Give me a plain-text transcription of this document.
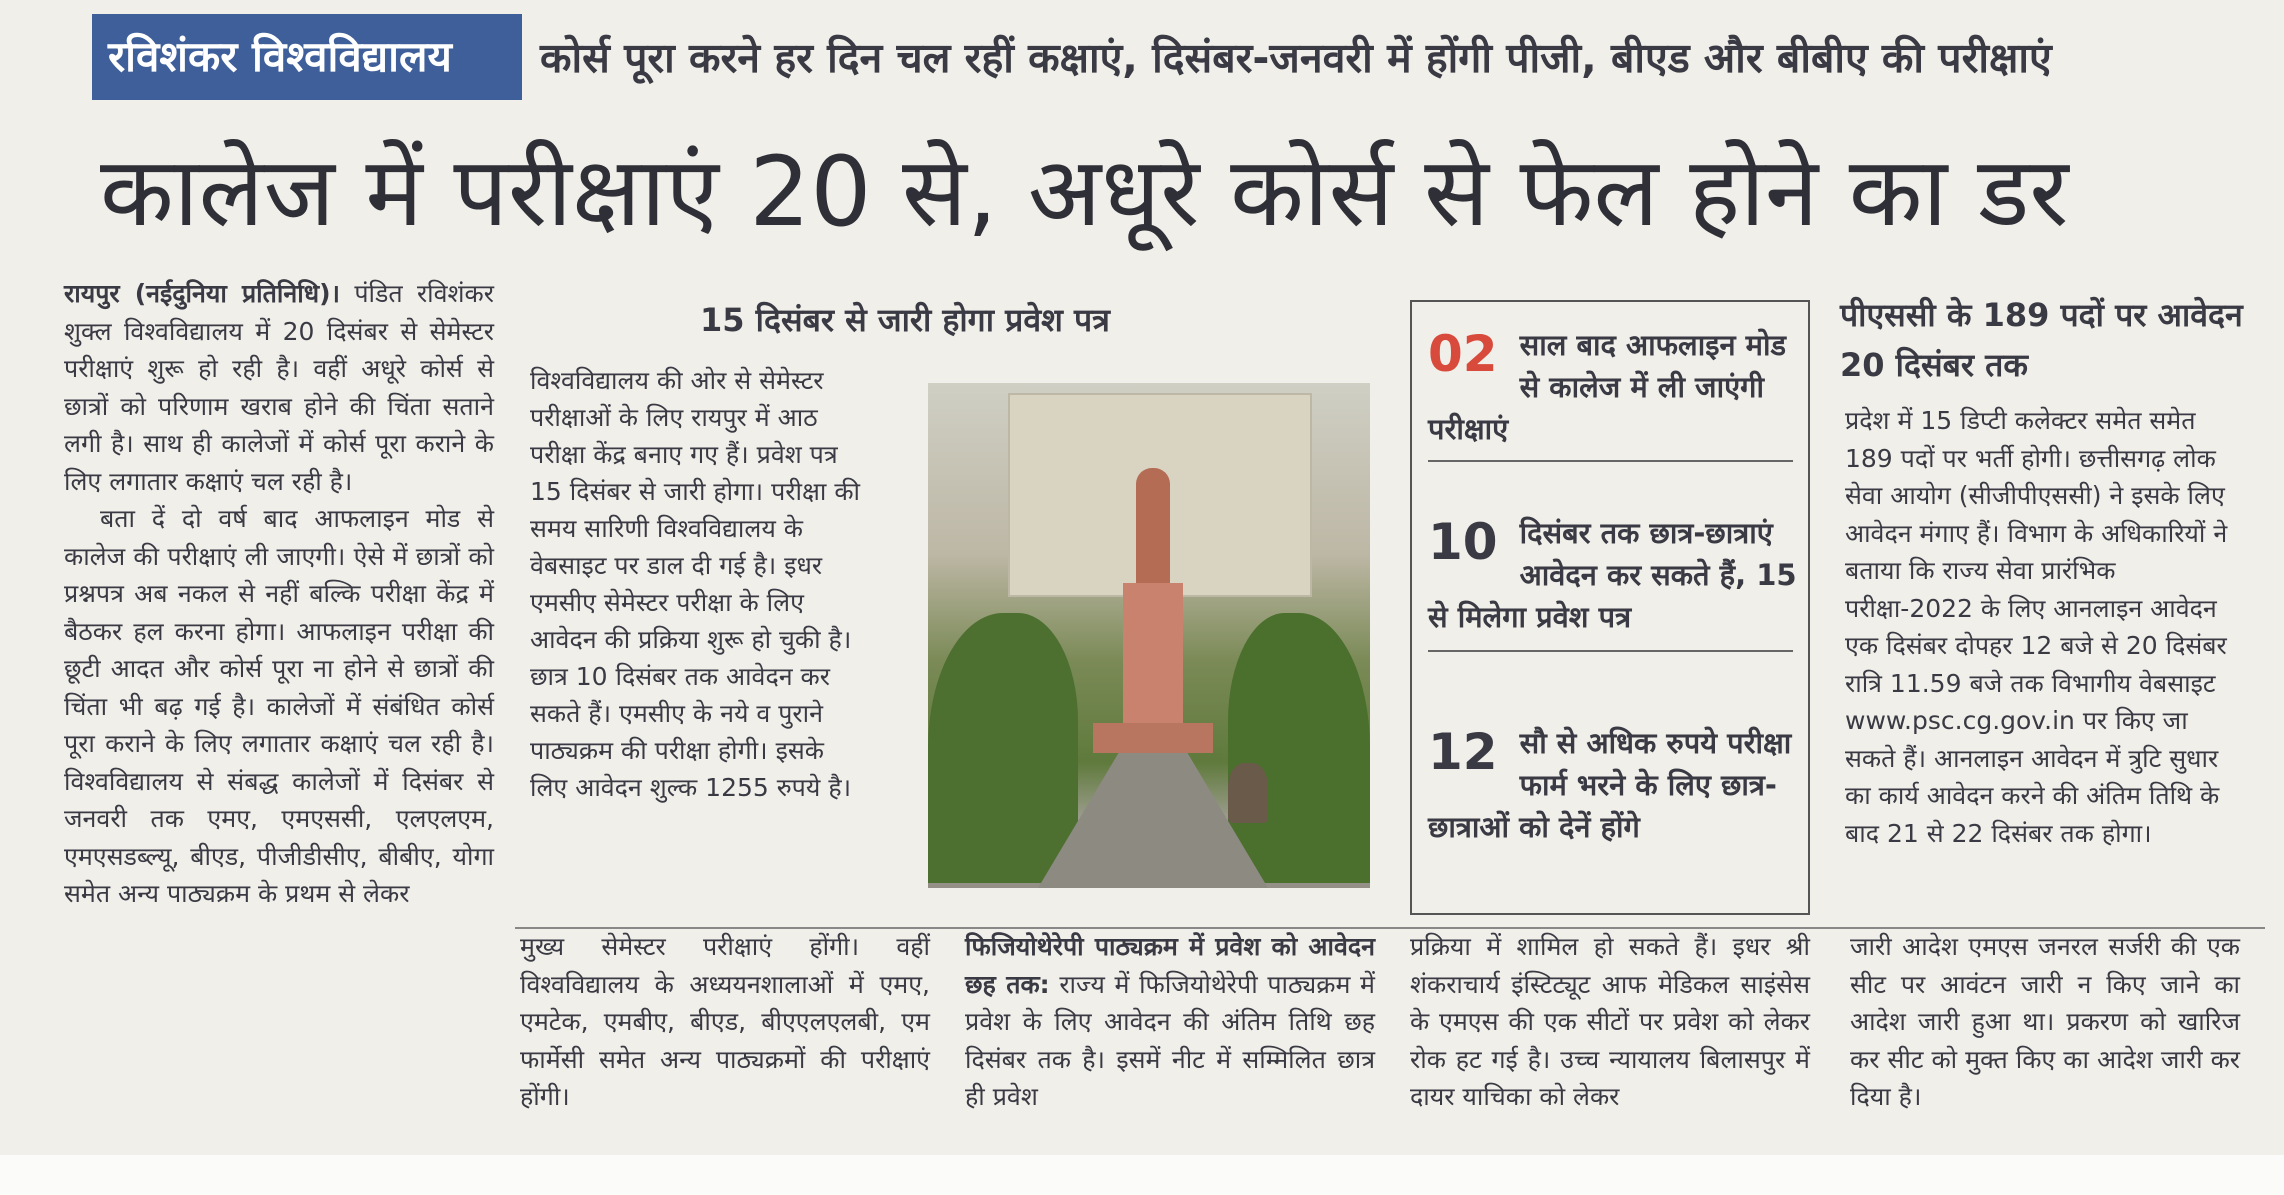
रविशंकर विश्वविद्यालय	कोर्स पूरा करने हर दिन चल रहीं कक्षाएं, दिसंबर-जनवरी में होंगी पीजी, बीएड और बीबीए की परीक्षाएं
कालेज में परीक्षाएं 20 से, अधूरे कोर्स से फेल होने का डर

रायपुर (नईदुनिया प्रतिनिधि)। पंडित रविशंकर शुक्ल विश्वविद्यालय में 20 दिसंबर से सेमेस्टर परीक्षाएं शुरू हो रही है। वहीं अधूरे कोर्स से छात्रों को परिणाम खराब होने की चिंता सताने लगी है। साथ ही कालेजों में कोर्स पूरा कराने के लिए लगातार कक्षाएं चल रही है।

बता दें दो वर्ष बाद आफलाइन मोड से कालेज की परीक्षाएं ली जाएगी। ऐसे में छात्रों को प्रश्नपत्र अब नकल से नहीं बल्कि परीक्षा केंद्र में बैठकर हल करना होगा। आफलाइन परीक्षा की छूटी आदत और कोर्स पूरा ना होने से छात्रों की चिंता भी बढ़ गई है। कालेजों में संबंधित कोर्स पूरा कराने के लिए लगातार कक्षाएं चल रही है। विश्वविद्यालय से संबद्ध कालेजों में दिसंबर से जनवरी तक एमए, एमएससी, एलएलएम, एमएसडब्ल्यू, बीएड, पीजीडीसीए, बीबीए, योगा समेत अन्य पाठ्यक्रम के प्रथम से लेकर

15 दिसंबर से जारी होगा प्रवेश पत्र
विश्वविद्यालय की ओर से सेमेस्टर परीक्षाओं के लिए रायपुर में आठ परीक्षा केंद्र बनाए गए हैं। प्रवेश पत्र 15 दिसंबर से जारी होगा। परीक्षा की समय सारिणी विश्वविद्यालय के वेबसाइट पर डाल दी गई है। इधर एमसीए सेमेस्टर परीक्षा के लिए आवेदन की प्रक्रिया शुरू हो चुकी है। छात्र 10 दिसंबर तक आवेदन कर सकते हैं। एमसीए के नये व पुराने पाठ्यक्रम की परीक्षा होगी। इसके लिए आवेदन शुल्क 1255 रुपये है।
02 साल बाद आफलाइन मोड से कालेज में ली जाएंगी परीक्षाएं
10 दिसंबर तक छात्र-छात्राएं आवेदन कर सकते हैं, 15 से मिलेगा प्रवेश पत्र
12 सौ से अधिक रुपये परीक्षा फार्म भरने के लिए छात्र-छात्राओं को देनें होंगे
पीएससी के 189 पदों पर आवेदन 20 दिसंबर तक
प्रदेश में 15 डिप्टी कलेक्टर समेत समेत 189 पदों पर भर्ती होगी। छत्तीसगढ़ लोक सेवा आयोग (सीजीपीएससी) ने इसके लिए आवेदन मंगाए हैं। विभाग के अधिकारियों ने बताया कि राज्य सेवा प्रारंभिक परीक्षा-2022 के लिए आनलाइन आवेदन एक दिसंबर दोपहर 12 बजे से 20 दिसंबर रात्रि 11.59 बजे तक विभागीय वेबसाइट www.psc.cg.gov.in पर किए जा सकते हैं। आनलाइन आवेदन में त्रुटि सुधार का कार्य आवेदन करने की अंतिम तिथि के बाद 21 से 22 दिसंबर तक होगा।
मुख्य सेमेस्टर परीक्षाएं होंगी। वहीं विश्वविद्यालय के अध्ययनशालाओं में एमए, एमटेक, एमबीए, बीएड, बीएएलएलबी, एम फार्मेसी समेत अन्य पाठ्यक्रमों की परीक्षाएं होंगी।
फिजियोथेरेपी पाठ्यक्रम में प्रवेश को आवेदन छह तक: राज्य में फिजियोथेरेपी पाठ्यक्रम में प्रवेश के लिए आवेदन की अंतिम तिथि छह दिसंबर तक है। इसमें नीट में सम्मिलित छात्र ही प्रवेश
प्रक्रिया में शामिल हो सकते हैं। इधर श्री शंकराचार्य इंस्टिट्यूट आफ मेडिकल साइंसेस के एमएस की एक सीटों पर प्रवेश को लेकर रोक हट गई है। उच्च न्यायालय बिलासपुर में दायर याचिका को लेकर
जारी आदेश एमएस जनरल सर्जरी की एक सीट पर आवंटन जारी न किए जाने का आदेश जारी हुआ था। प्रकरण को खारिज कर सीट को मुक्त किए का आदेश जारी कर दिया है।
